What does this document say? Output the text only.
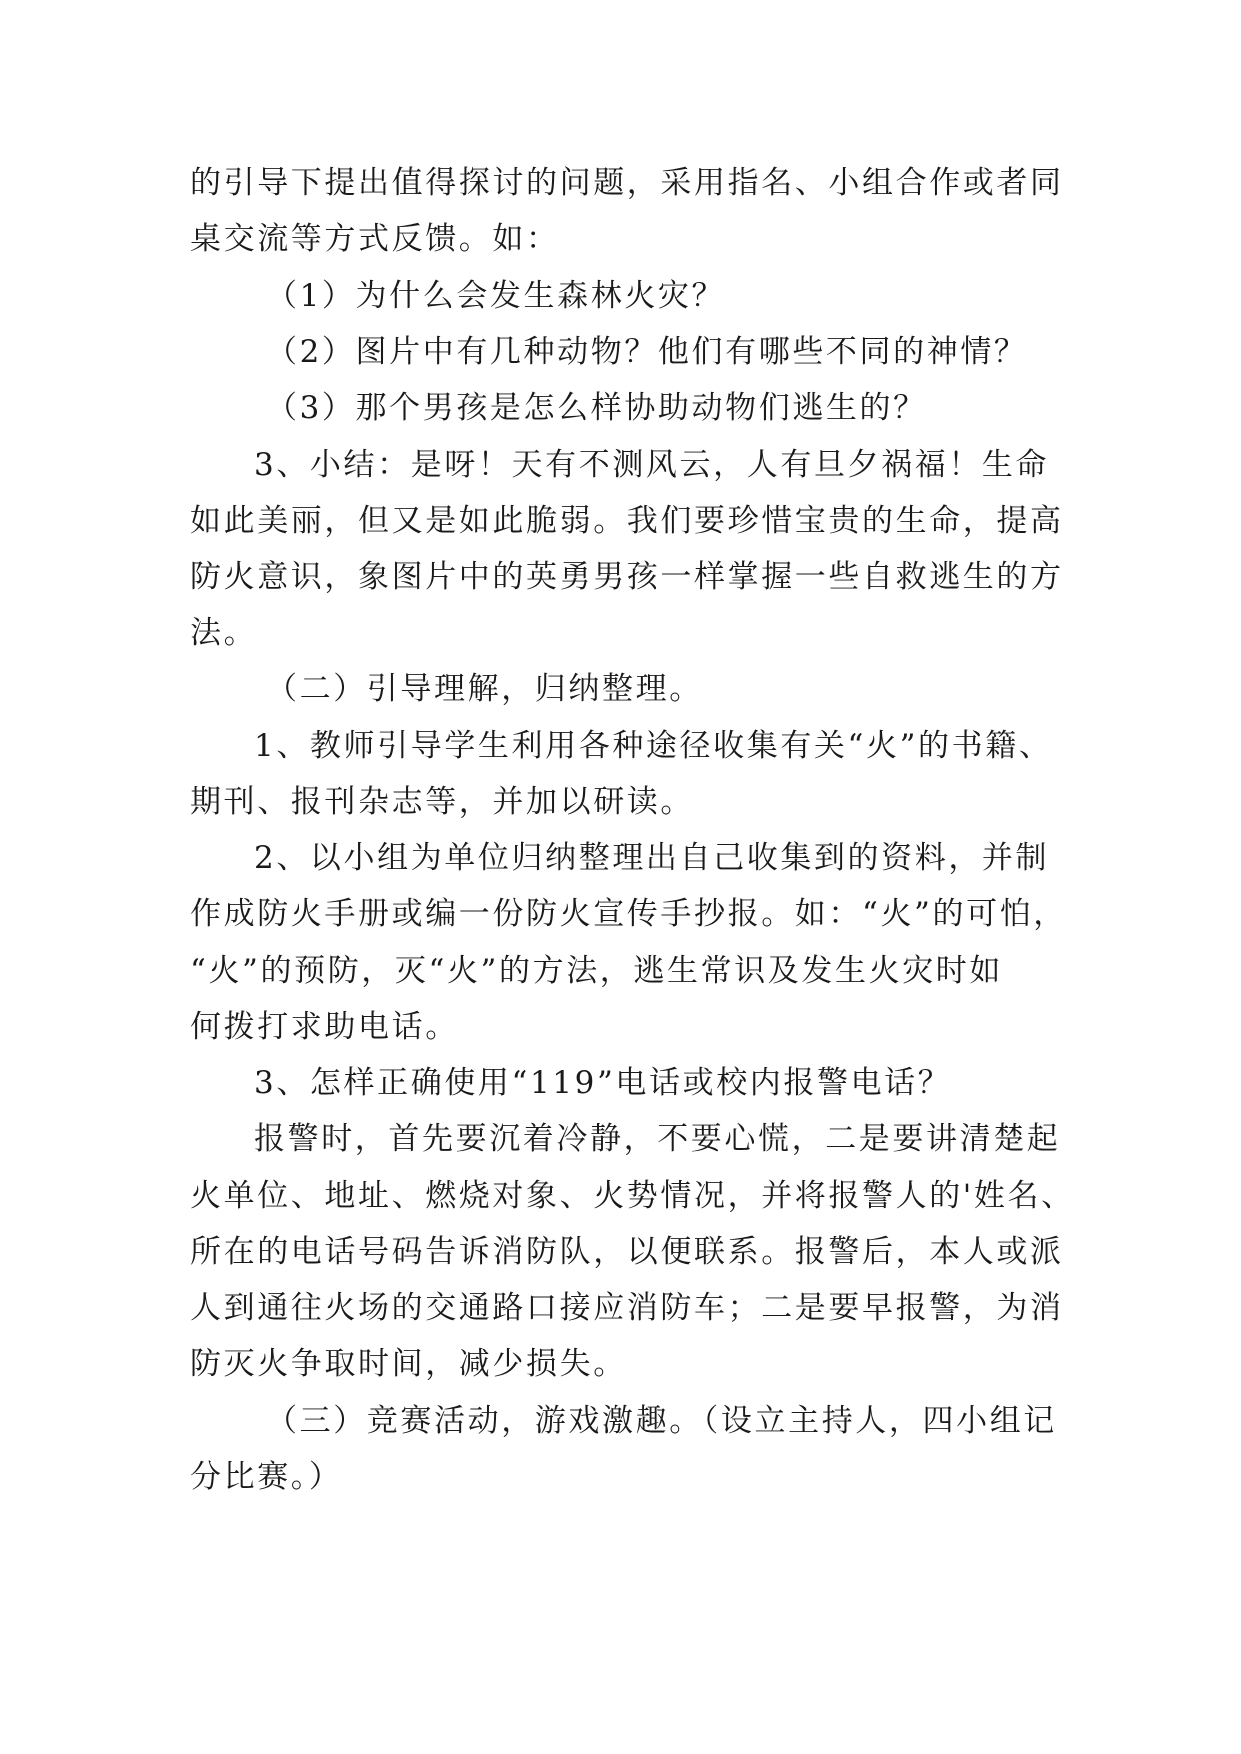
的引导下提出值得探讨的问题，采用指名、小组合作或者同
桌交流等方式反馈。如：
（1）为什么会发生森林火灾？
（2）图片中有几种动物？他们有哪些不同的神情？
（3）那个男孩是怎么样协助动物们逃生的？
3、小结：是呀！天有不测风云，人有旦夕祸福！生命
如此美丽，但又是如此脆弱。我们要珍惜宝贵的生命，提高
防火意识，象图片中的英勇男孩一样掌握一些自救逃生的方
法。
（二）引导理解，归纳整理。
1、教师引导学生利用各种途径收集有关“火”的书籍、
期刊、报刊杂志等，并加以研读。
2、以小组为单位归纳整理出自己收集到的资料，并制
作成防火手册或编一份防火宣传手抄报。如：“火”的可怕，
“火”的预防，灭“火”的方法，逃生常识及发生火灾时如
何拨打求助电话。
3、怎样正确使用“119”电话或校内报警电话？
报警时，首先要沉着冷静，不要心慌，二是要讲清楚起
火单位、地址、燃烧对象、火势情况，并将报警人的'姓名、
所在的电话号码告诉消防队，以便联系。报警后，本人或派
人到通往火场的交通路口接应消防车；二是要早报警，为消
防灭火争取时间，减少损失。
（三）竞赛活动，游戏激趣。（设立主持人，四小组记
分比赛。）
